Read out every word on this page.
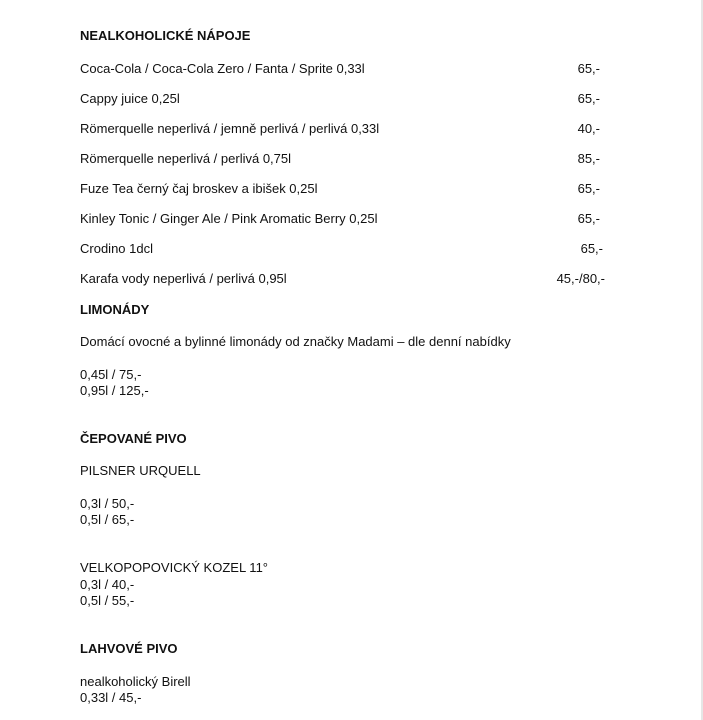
NEALKOHOLICKÉ NÁPOJE
Coca-Cola / Coca-Cola Zero / Fanta / Sprite 0,33l	65,-
Cappy juice 0,25l	65,-
Römerquelle neperlivá / jemně perlivá / perlivá 0,33l	40,-
Römerquelle neperlivá / perlivá 0,75l	85,-
Fuze Tea černý čaj broskev a ibišek 0,25l	65,-
Kinley Tonic / Ginger Ale / Pink Aromatic Berry 0,25l	65,-
Crodino 1dcl	65,-
Karafa vody neperlivá / perlivá 0,95l	45,-/80,-
LIMONÁDY
Domácí ovocné a bylinné limonády od značky Madami – dle denní nabídky
0,45l / 75,-
0,95l / 125,-
ČEPOVANÉ PIVO
PILSNER URQUELL
0,3l / 50,-
0,5l / 65,-
VELKOPOPOVICKÝ KOZEL 11°
0,3l / 40,-
0,5l / 55,-
LAHVOVÉ PIVO
nealkoholický Birell
0,33l / 45,-
